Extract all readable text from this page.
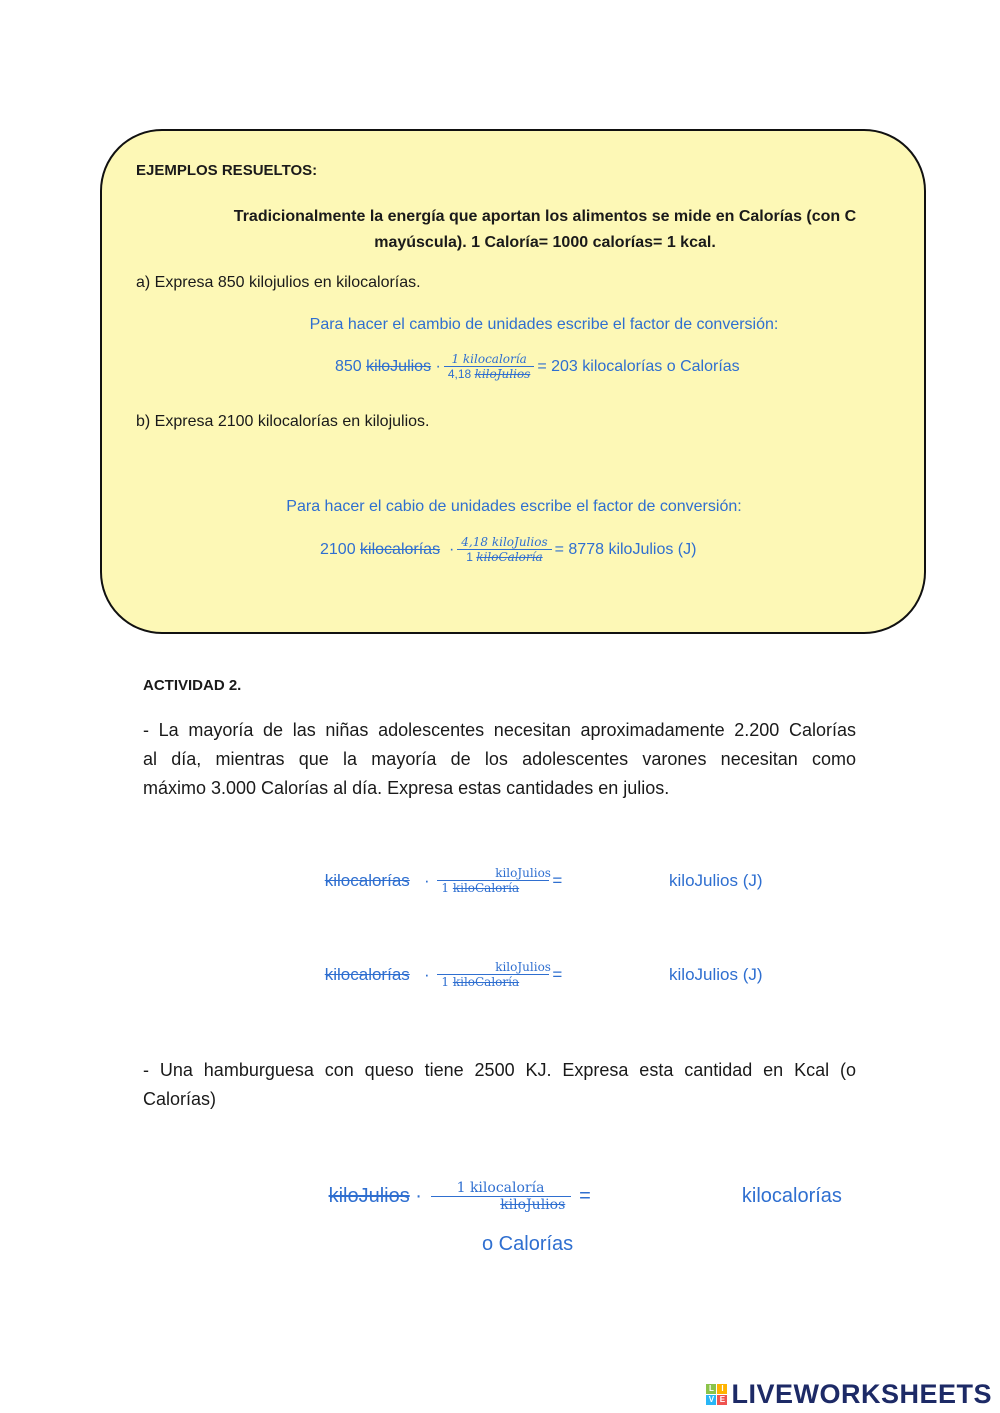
EJEMPLOS RESUELTOS:
Tradicionalmente la energía que aportan los alimentos se mide en Calorías (con C
mayúscula). 1 Caloría= 1000 calorías= 1 kcal.
a) Expresa 850 kilojulios en kilocalorías.
Para hacer el cambio de unidades escribe el factor de conversión:
850
kiloJulios
· $\frac{\text{1 kilocaloría}}{\text{4,18 kiloJulios}} = 203$ kilocalorías o Calorías
b) Expresa 2100 kilocalorías en kilojulios.
Para hacer el cabio de unidades escribe el factor de conversión:
2100
kilocalorías
· $\frac{\text{4,18 kiloJulios}}{\text{1 kiloCaloría}} = 8778$ kiloJulios (J)
ACTIVIDAD 2.
- La mayoría de las niñas adolescentes necesitan aproximadamente 2.200 Calorías
al día, mientras que la mayoría de los adolescentes varones necesitan como
máximo 3.000 Calorías al día. Expresa estas cantidades en julios.

kilocalorías
·
$\frac{\text{kiloJulios}}{\text{1 kiloCaloría}}$ =
	kiloJulios (J)

kilocalorías
·
$\frac{\text{kiloJulios}}{\text{1 kiloCaloría}}$ =
	kiloJulios (J)
- Una hamburguesa con queso tiene 2500 KJ. Expresa esta cantidad en Kcal (o
Calorías)

kiloJulios
·
$\frac{\text{1 kilocaloría}}{\text{kiloJulios}}$
=

	kilocalorías
o Calorías
L I
V E LIVEWORKSHEETS
